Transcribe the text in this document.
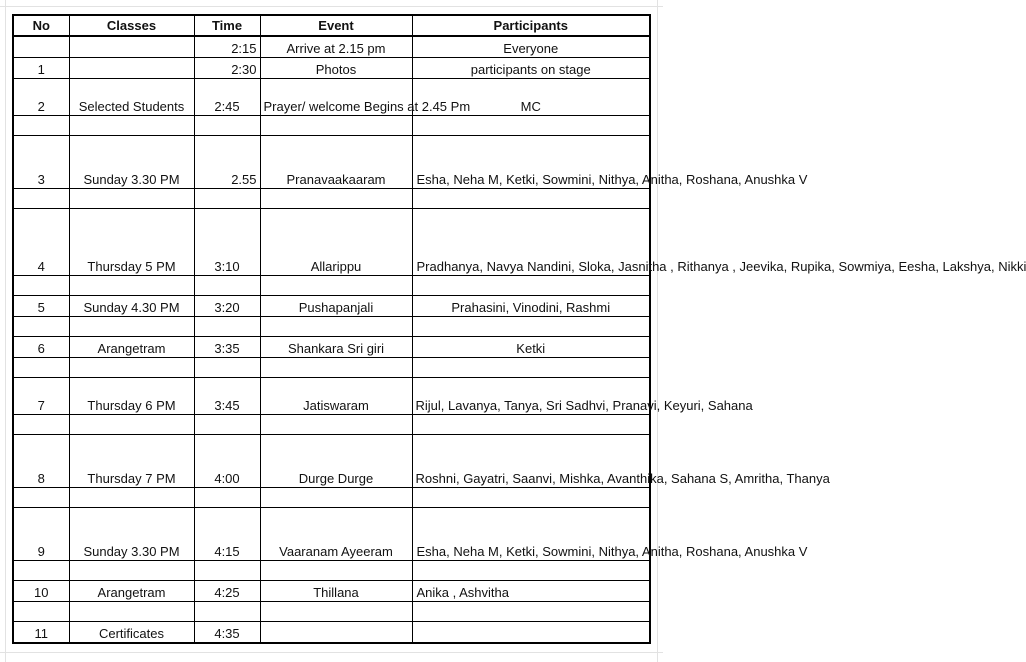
No	Classes	Time	Event	Participants
		2:15	Arrive at 2.15 pm	Everyone
1		2:30	Photos	participants on stage
2	Selected Students	2:45	Prayer/ welcome Begins at 2.45 Pm	MC

3	Sunday 3.30 PM	2.55	Pranavaakaaram	Esha, Neha M, Ketki, Sowmini, Nithya, Anitha, Roshana, Anushka V

4	Thursday 5 PM	3:10	Allarippu	Pradhanya, Navya Nandini, Sloka, Jasnitha , Rithanya , Jeevika, Rupika, Sowmiya, Eesha, Lakshya, Nikki

5	Sunday 4.30 PM	3:20	Pushapanjali	Prahasini, Vinodini, Rashmi

6	Arangetram	3:35	Shankara Sri giri	Ketki

7	Thursday 6 PM	3:45	Jatiswaram	Rijul, Lavanya, Tanya, Sri Sadhvi, Pranavi, Keyuri, Sahana

8	Thursday 7 PM	4:00	Durge Durge	Roshni, Gayatri, Saanvi, Mishka, Avanthika, Sahana S, Amritha, Thanya

9	Sunday 3.30 PM	4:15	Vaaranam Ayeeram	Esha, Neha M, Ketki, Sowmini, Nithya, Anitha, Roshana, Anushka V

10	Arangetram	4:25	Thillana	Anika , Ashvitha

11	Certificates	4:35		
